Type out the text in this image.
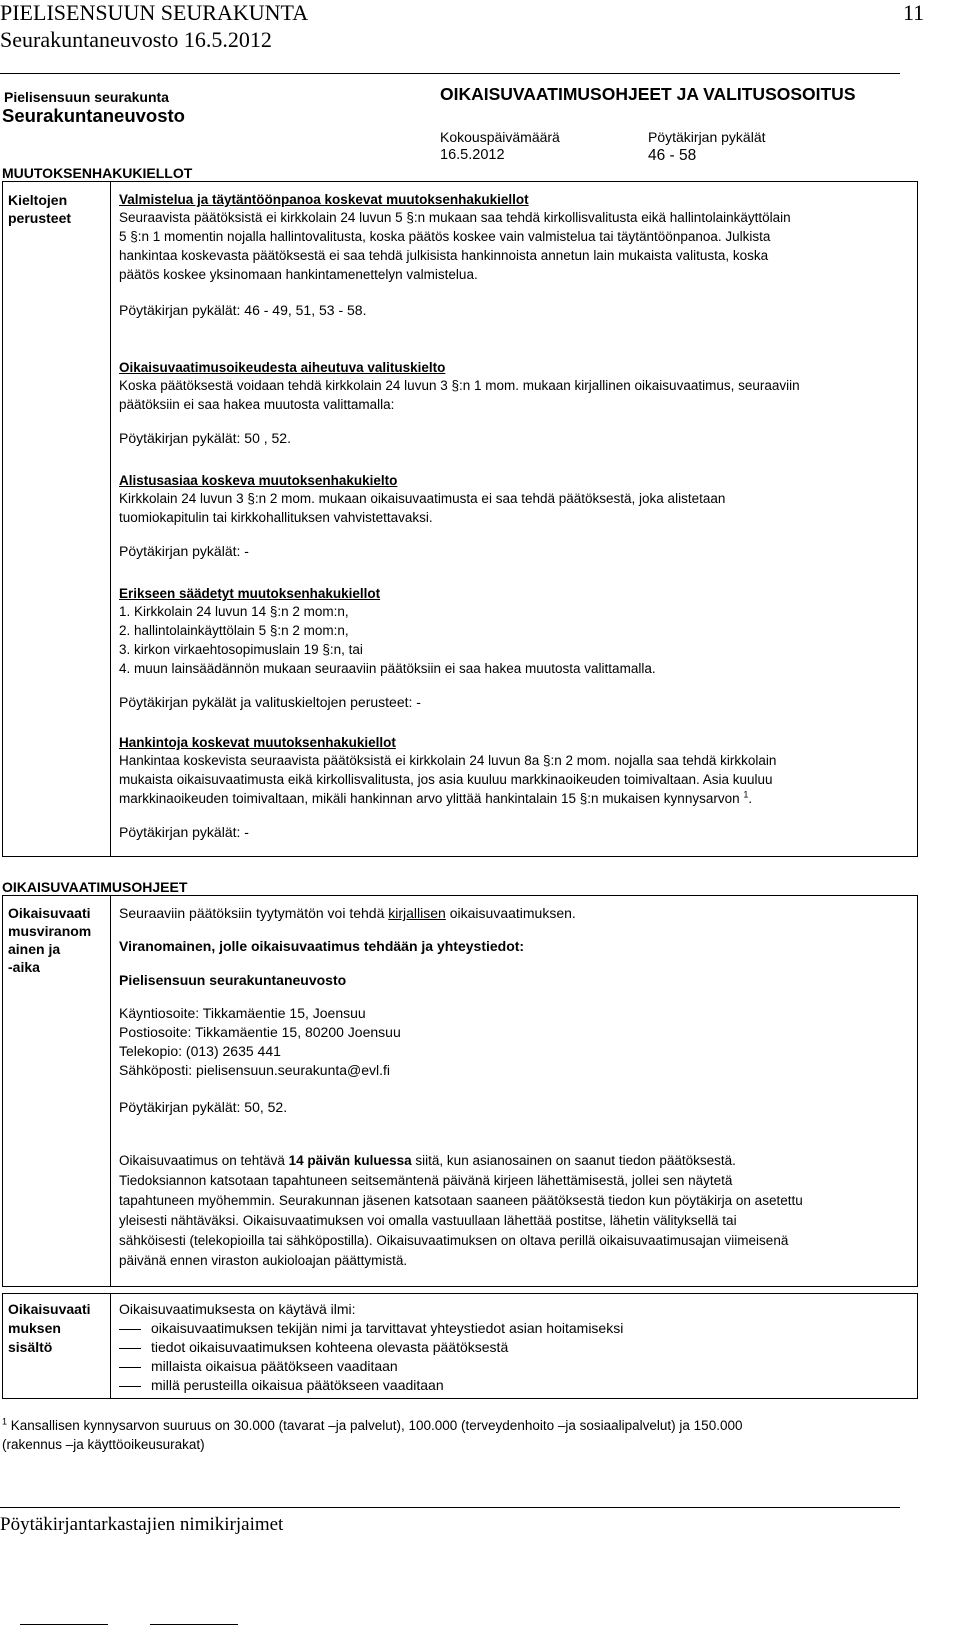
PIELISENSUUN SEURAKUNTA	11
Seurakuntaneuvosto 16.5.2012
Pielisensuun seurakunta
Seurakuntaneuvosto
OIKAISUVAATIMUSOHJEET JA VALITUSOSOITUS
Kokouspäivämäärä	Pöytäkirjan pykälät
16.5.2012	46 - 58
MUUTOKSENHAKUKIELLOT
Kieltojen
perusteet
Valmistelua ja täytäntöönpanoa koskevat muutoksenhakukiellot
Seuraavista päätöksistä ei kirkkolain 24 luvun 5 §:n mukaan saa tehdä kirkollisvalitusta eikä hallintolainkäyttölain
5 §:n 1 momentin nojalla hallintovalitusta, koska päätös koskee vain valmistelua tai täytäntöönpanoa. Julkista
hankintaa koskevasta päätöksestä ei saa tehdä julkisista hankinnoista annetun lain mukaista valitusta, koska
päätös koskee yksinomaan hankintamenettelyn valmistelua.
Pöytäkirjan pykälät: 46 - 49, 51, 53 - 58.
Oikaisuvaatimusoikeudesta aiheutuva valituskielto
Koska päätöksestä voidaan tehdä kirkkolain 24 luvun 3 §:n 1 mom. mukaan kirjallinen oikaisuvaatimus, seuraaviin
päätöksiin ei saa hakea muutosta valittamalla:
Pöytäkirjan pykälät: 50 , 52.
Alistusasiaa koskeva muutoksenhakukielto
Kirkkolain 24 luvun 3 §:n 2 mom. mukaan oikaisuvaatimusta ei saa tehdä päätöksestä, joka alistetaan
tuomiokapitulin tai kirkkohallituksen vahvistettavaksi.
Pöytäkirjan pykälät: -
Erikseen säädetyt muutoksenhakukiellot
1. Kirkkolain 24 luvun 14 §:n 2 mom:n,
2. hallintolainkäyttölain 5 §:n 2 mom:n,
3. kirkon virkaehtosopimuslain 19 §:n, tai
4. muun lainsäädännön mukaan seuraaviin päätöksiin ei saa hakea muutosta valittamalla.
Pöytäkirjan pykälät ja valituskieltojen perusteet: -
Hankintoja koskevat muutoksenhakukiellot
Hankintaa koskevista seuraavista päätöksistä ei kirkkolain 24 luvun 8a §:n 2 mom. nojalla saa tehdä kirkkolain
mukaista oikaisuvaatimusta eikä kirkollisvalitusta, jos asia kuuluu markkinaoikeuden toimivaltaan. Asia kuuluu
markkinaoikeuden toimivaltaan, mikäli hankinnan arvo ylittää hankintalain 15 §:n mukaisen kynnysarvon $^1$.
Pöytäkirjan pykälät: -
OIKAISUVAATIMUSOHJEET
Oikaisuvaati
musviranom
ainen ja
-aika
Seuraaviin päätöksiin tyytymätön voi tehdä kirjallisen oikaisuvaatimuksen.
Viranomainen, jolle oikaisuvaatimus tehdään ja yhteystiedot:
Pielisensuun seurakuntaneuvosto
Käyntiosoite: Tikkamäentie 15, Joensuu
Postiosoite: Tikkamäentie 15, 80200 Joensuu
Telekopio: (013) 2635 441
Sähköposti: pielisensuun.seurakunta@evl.fi
Pöytäkirjan pykälät: 50, 52.
Oikaisuvaatimus on tehtävä 14 päivän kuluessa siitä, kun asianosainen on saanut tiedon päätöksestä.
Tiedoksiannon katsotaan tapahtuneen seitsemäntenä päivänä kirjeen lähettämisestä, jollei sen näytetä
tapahtuneen myöhemmin. Seurakunnan jäsenen katsotaan saaneen päätöksestä tiedon kun pöytäkirja on asetettu
yleisesti nähtäväksi. Oikaisuvaatimuksen voi omalla vastuullaan lähettää postitse, lähetin välityksellä tai
sähköisesti (telekopioilla tai sähköpostilla). Oikaisuvaatimuksen on oltava perillä oikaisuvaatimusajan viimeisenä
päivänä ennen viraston aukioloajan päättymistä.
Oikaisuvaati
muksen
sisältö
Oikaisuvaatimuksesta on käytävä ilmi:
oikaisuvaatimuksen tekijän nimi ja tarvittavat yhteystiedot asian hoitamiseksi
tiedot oikaisuvaatimuksen kohteena olevasta päätöksestä
millaista oikaisua päätökseen vaaditaan
millä perusteilla oikaisua päätökseen vaaditaan
$^1$ Kansallisen kynnysarvon suuruus on 30.000 (tavarat –ja palvelut), 100.000 (terveydenhoito –ja sosiaalipalvelut) ja 150.000
(rakennus –ja käyttöoikeusurakat)
Pöytäkirjantarkastajien nimikirjaimet
